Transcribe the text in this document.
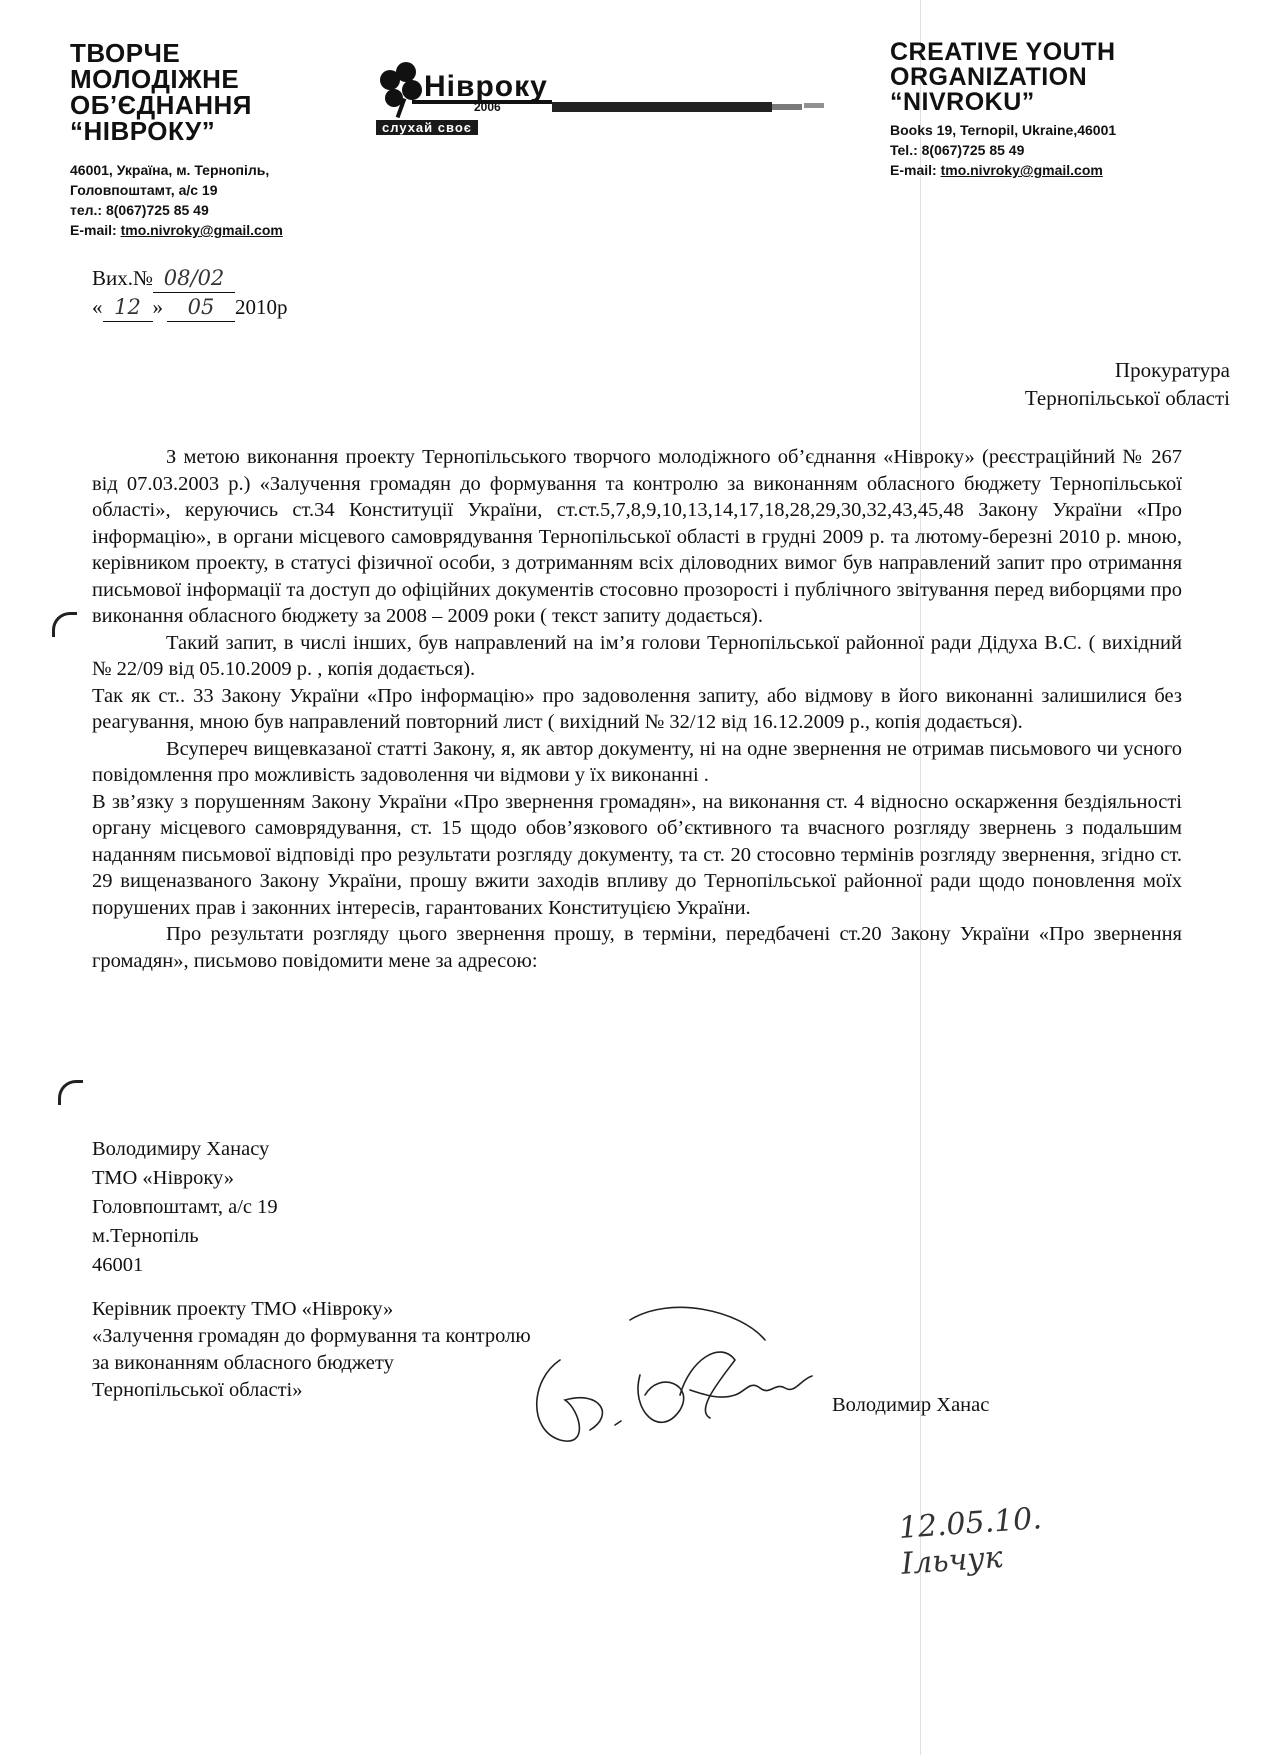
ТВОРЧЕ
МОЛОДІЖНЕ
ОБ’ЄДНАННЯ
“НІВРОКУ”
46001, Україна, м. Тернопіль,
Головпоштамт, а/с 19
тел.: 8(067)725 85 49
E-mail: tmo.nivroky@gmail.com
Нівроку
2006
слухай своє
CREATIVE YOUTH
ORGANIZATION
“NIVROKU”
Books 19, Ternopil, Ukraine,46001
Tel.: 8(067)725 85 49
E-mail: tmo.nivroky@gmail.com
Вих.№ 08/02
« 12 » 05 2010р
Прокуратура
Тернопільської області

З метою виконання проекту Тернопільського творчого молодіжного об’єднання «Нівроку» (реєстраційний № 267 від 07.03.2003 р.) «Залучення громадян до формування та контролю за виконанням обласного бюджету Тернопільської області», керуючись ст.34 Конституції України, ст.ст.5,7,8,9,10,13,14,17,18,28,29,30,32,43,45,48 Закону України «Про інформацію», в органи місцевого самоврядування Тернопільської області в грудні 2009 р. та лютому-березні 2010 р. мною, керівником проекту, в статусі фізичної особи, з дотриманням всіх діловодних вимог був направлений запит про отримання письмової інформації та доступ до офіційних документів стосовно прозорості і публічного звітування перед виборцями про виконання обласного бюджету за 2008 – 2009 роки ( текст запиту додається).

Такий запит, в числі інших, був направлений на ім’я голови Тернопільської районної ради Дідуха В.С. ( вихідний № 22/09 від 05.10.2009 р. , копія додається).

Так як ст.. 33 Закону України «Про інформацію» про задоволення запиту, або відмову в його виконанні залишилися без реагування, мною був направлений повторний лист ( вихідний № 32/12 від 16.12.2009 р., копія додається).

Всупереч вищевказаної статті Закону, я, як автор документу, ні на одне звернення не отримав письмового чи усного повідомлення про можливість задоволення чи відмови у їх виконанні .

В зв’язку з порушенням Закону України «Про звернення громадян», на виконання ст. 4 відносно оскарження бездіяльності органу місцевого самоврядування, ст. 15 щодо обов’язкового об’єктивного та вчасного розгляду звернень з подальшим наданням письмової відповіді про результати розгляду документу, та ст. 20 стосовно термінів розгляду звернення, згідно ст. 29 вищеназваного Закону України, прошу вжити заходів впливу до Тернопільської районної ради щодо поновлення моїх порушених прав і законних інтересів, гарантованих Конституцією України.

Про результати розгляду цього звернення прошу, в терміни, передбачені ст.20 Закону України «Про звернення громадян», письмово повідомити мене за адресою:

Володимиру Ханасу
ТМО «Нівроку»
Головпоштамт, а/с 19
м.Тернопіль
46001
Керівник проекту ТМО «Нівроку»
«Залучення громадян до формування та контролю
за виконанням обласного бюджету
Тернопільської області»
Володимир Ханас
12.05.10.
Ільчук
